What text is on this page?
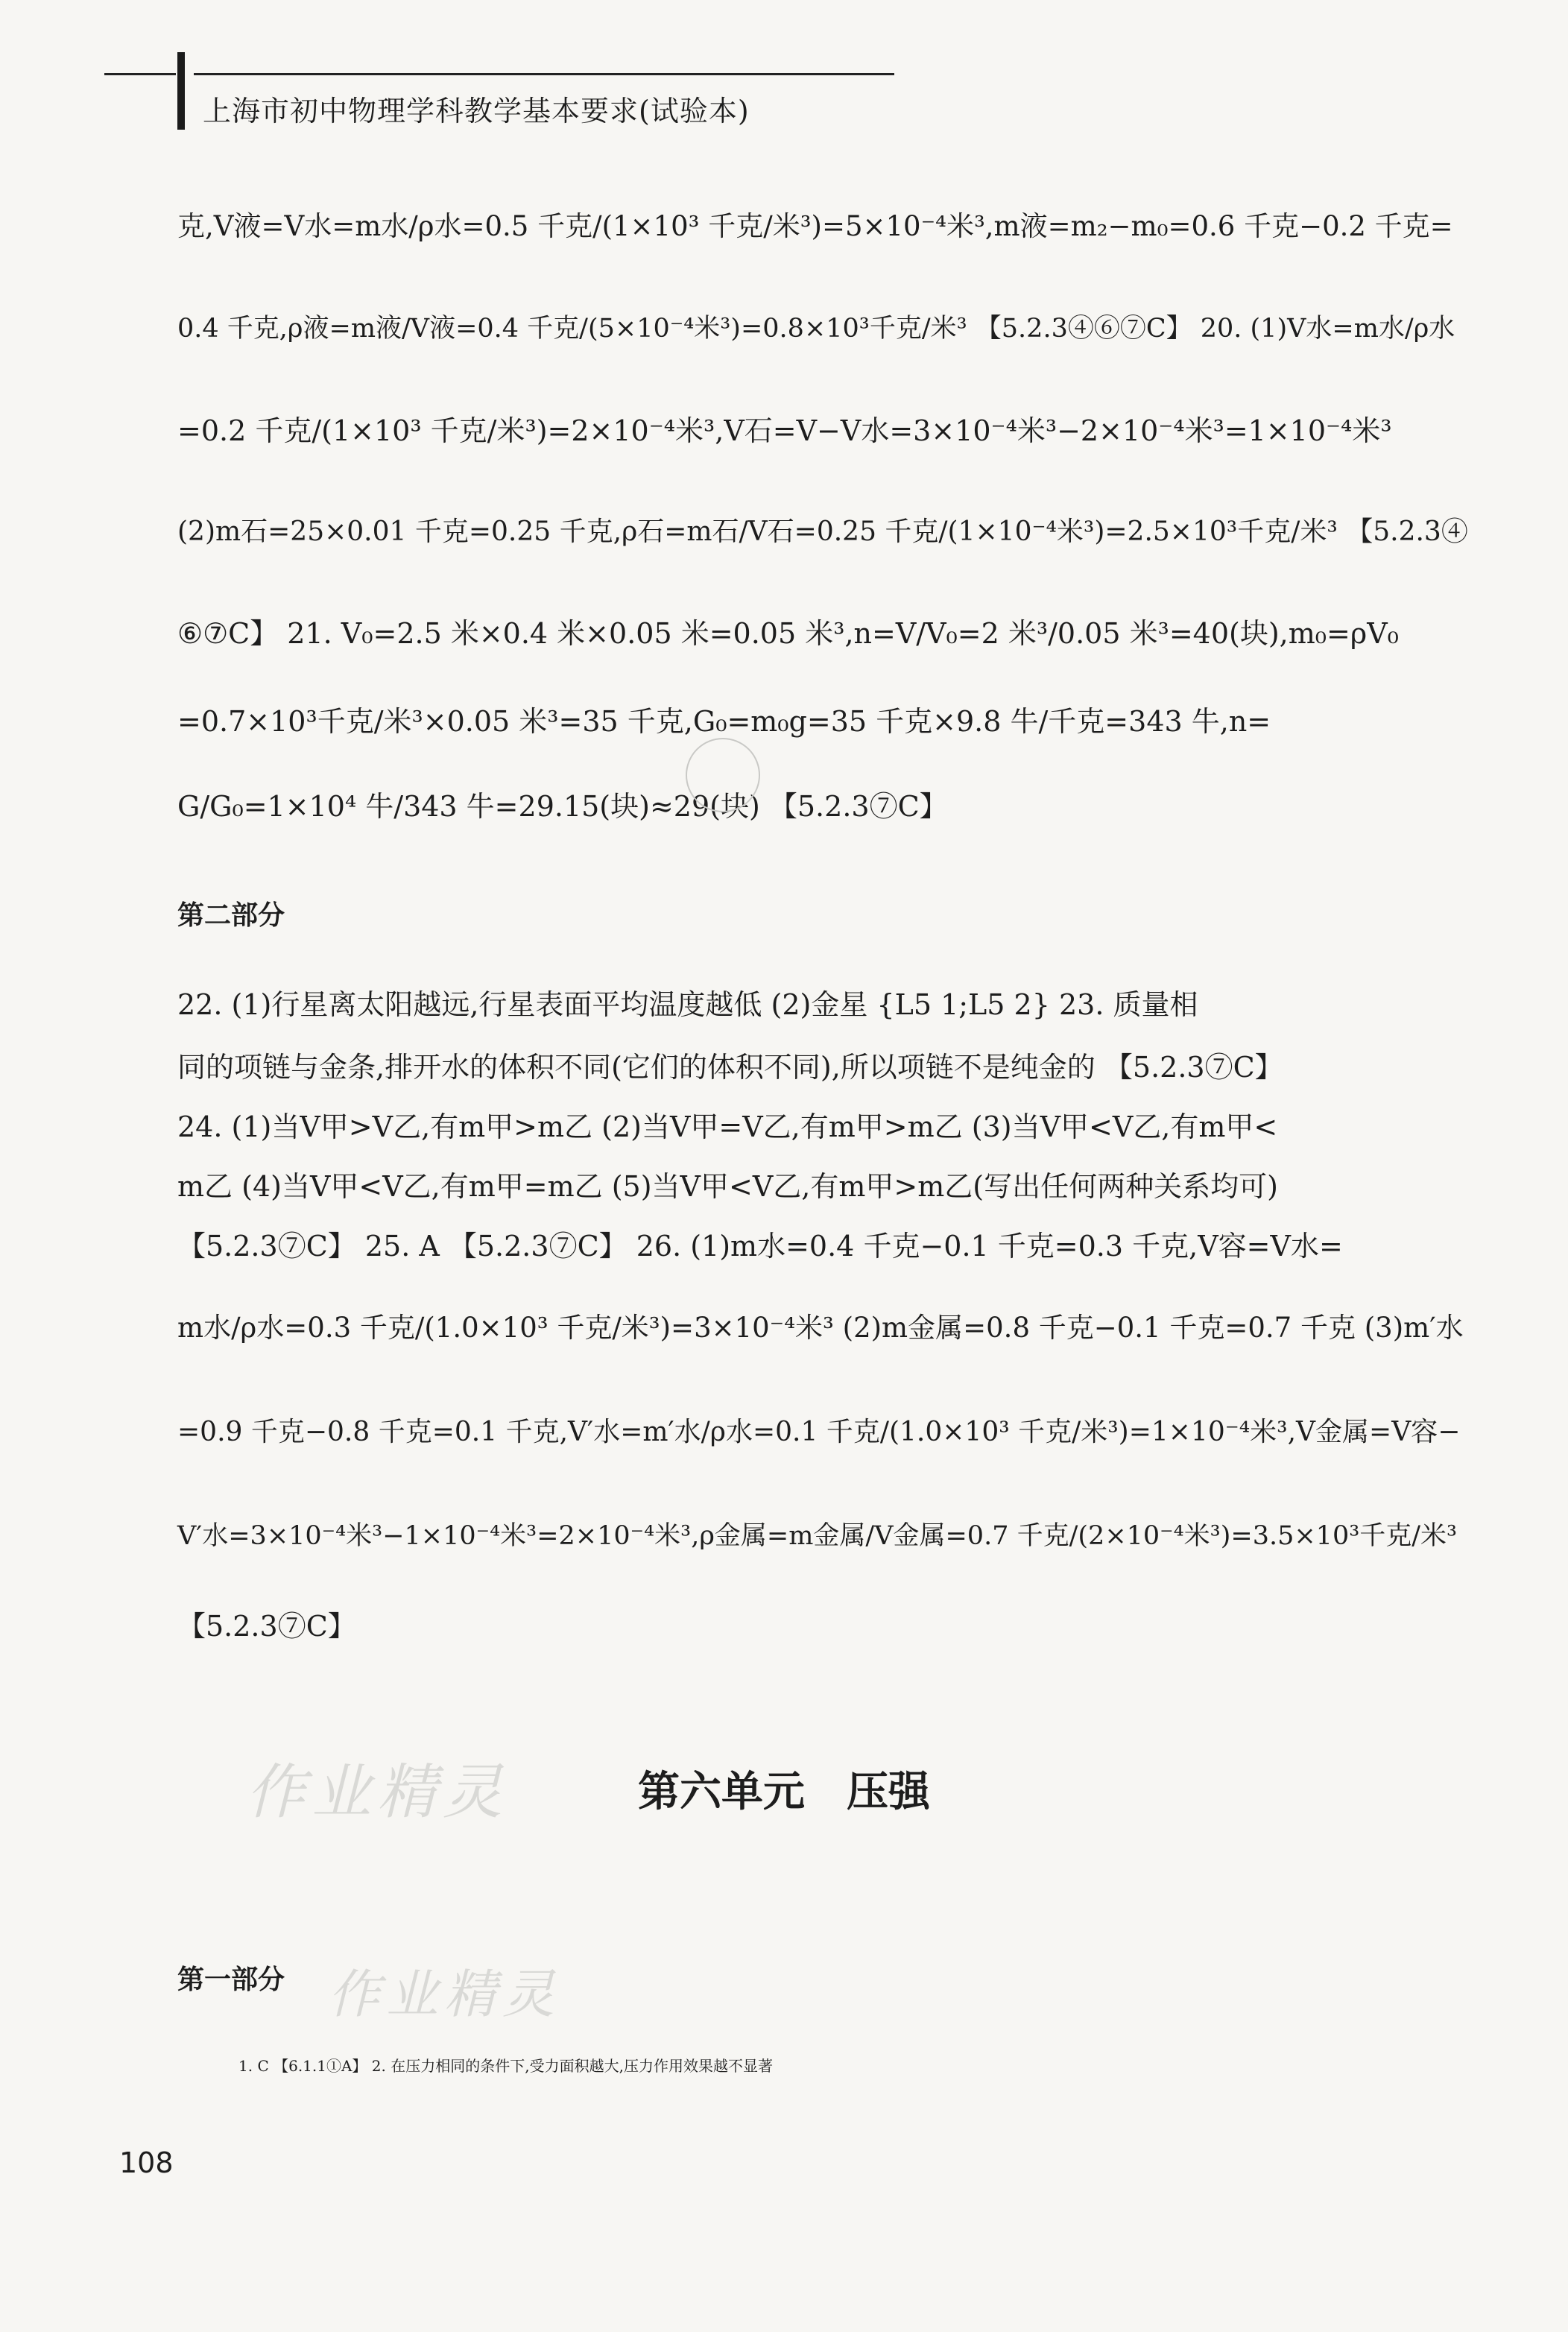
上海市初中物理学科教学基本要求(试验本)
克,V液=V水=m水/ρ水=0.5 千克/(1×10³ 千克/米³)=5×10⁻⁴米³,m液=m₂−m₀=0.6 千克−0.2 千克=
0.4 千克,ρ液=m液/V液=0.4 千克/(5×10⁻⁴米³)=0.8×10³千克/米³ 【5.2.3④⑥⑦C】 20. (1)V水=m水/ρ水
=0.2 千克/(1×10³ 千克/米³)=2×10⁻⁴米³,V石=V−V水=3×10⁻⁴米³−2×10⁻⁴米³=1×10⁻⁴米³
(2)m石=25×0.01 千克=0.25 千克,ρ石=m石/V石=0.25 千克/(1×10⁻⁴米³)=2.5×10³千克/米³ 【5.2.3④
⑥⑦C】 21. V₀=2.5 米×0.4 米×0.05 米=0.05 米³,n=V/V₀=2 米³/0.05 米³=40(块),m₀=ρV₀
=0.7×10³千克/米³×0.05 米³=35 千克,G₀=m₀g=35 千克×9.8 牛/千克=343 牛,n=
G/G₀=1×10⁴ 牛/343 牛=29.15(块)≈29(块) 【5.2.3⑦C】
第二部分
22. (1)行星离太阳越远,行星表面平均温度越低 (2)金星 {L5 1;L5 2} 23. 质量相
同的项链与金条,排开水的体积不同(它们的体积不同),所以项链不是纯金的 【5.2.3⑦C】
24. (1)当V甲>V乙,有m甲>m乙 (2)当V甲=V乙,有m甲>m乙 (3)当V甲<V乙,有m甲<
m乙 (4)当V甲<V乙,有m甲=m乙 (5)当V甲<V乙,有m甲>m乙(写出任何两种关系均可)
【5.2.3⑦C】 25. A 【5.2.3⑦C】 26. (1)m水=0.4 千克−0.1 千克=0.3 千克,V容=V水=
m水/ρ水=0.3 千克/(1.0×10³ 千克/米³)=3×10⁻⁴米³ (2)m金属=0.8 千克−0.1 千克=0.7 千克 (3)m′水
=0.9 千克−0.8 千克=0.1 千克,V′水=m′水/ρ水=0.1 千克/(1.0×10³ 千克/米³)=1×10⁻⁴米³,V金属=V容−
V′水=3×10⁻⁴米³−1×10⁻⁴米³=2×10⁻⁴米³,ρ金属=m金属/V金属=0.7 千克/(2×10⁻⁴米³)=3.5×10³千克/米³
【5.2.3⑦C】
作业精灵
作业精灵
第六单元　压强
第一部分
1. C 【6.1.1①A】 2. 在压力相同的条件下,受力面积越大,压力作用效果越不显著
108
